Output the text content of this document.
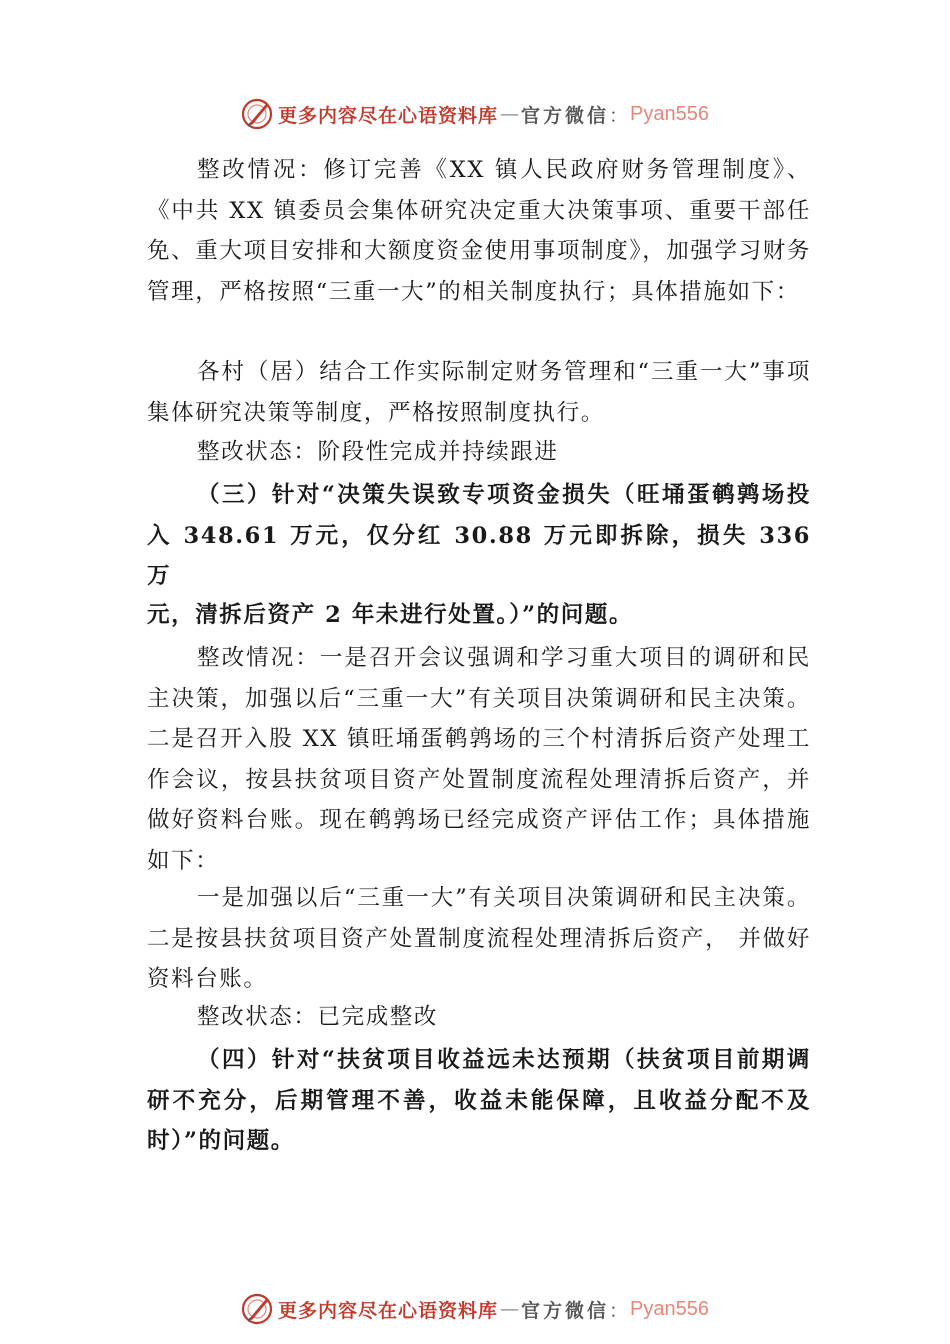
更多内容尽在心语资料库 — 官方微信 ： Pyan556

整改情况：修订完善《XX 镇人民政府财务管理制度》、《中共 XX 镇委员会集体研究决定重大决策事项、重要干部任免、重大项目安排和大额度资金使用事项制度》，加强学习财务管理，严格按照“三重一大”的相关制度执行；具体措施如下：

各村（居）结合工作实际制定财务管理和“三重一大”事项集体研究决策等制度，严格按照制度执行。

整改状态：阶段性完成并持续跟进

（三）针对“决策失误致专项资金损失（旺埇蛋鹌鹑场投入 348.61 万元，仅分红 30.88 万元即拆除，损失 336 万

元，清拆后资产 2 年未进行处置。）”的问题。

整改情况：一是召开会议强调和学习重大项目的调研和民主决策，加强以后“三重一大”有关项目决策调研和民主决策。二是召开入股 XX 镇旺埇蛋鹌鹑场的三个村清拆后资产处理工作会议，按县扶贫项目资产处置制度流程处理清拆后资产，并做好资料台账。现在鹌鹑场已经完成资产评估工作；具体措施如下：

一是加强以后“三重一大”有关项目决策调研和民主决策。二是按县扶贫项目资产处置制度流程处理清拆后资产， 并做好资料台账。

整改状态：已完成整改

（四）针对“扶贫项目收益远未达预期（扶贫项目前期调研不充分，后期管理不善，收益未能保障，且收益分配不及时）”的问题。

更多内容尽在心语资料库 — 官方微信 ： Pyan556
